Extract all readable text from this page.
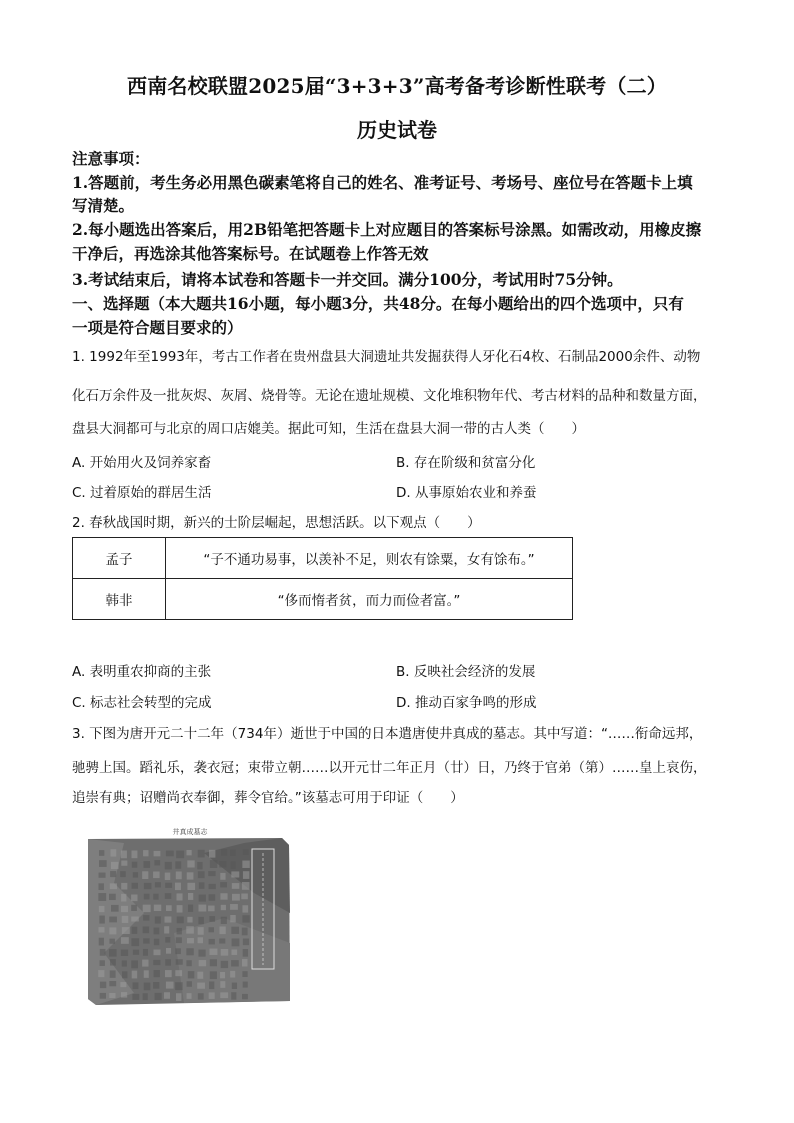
西南名校联盟2025届“3+3+3”高考备考诊断性联考（二）
历史试卷
注意事项：
1.答题前，考生务必用黑色碳素笔将自己的姓名、准考证号、考场号、座位号在答题卡上填
写清楚。
2.每小题选出答案后，用2B铅笔把答题卡上对应题目的答案标号涂黑。如需改动，用橡皮擦
干净后，再选涂其他答案标号。在试题卷上作答无效
3.考试结束后，请将本试卷和答题卡一并交回。满分100分，考试用时75分钟。
一、选择题（本大题共16小题，每小题3分，共48分。在每小题给出的四个选项中，只有
一项是符合题目要求的）
1. 1992年至1993年，考古工作者在贵州盘县大洞遗址共发掘获得人牙化石4枚、石制品2000余件、动物
化石万余件及一批灰烬、灰屑、烧骨等。无论在遗址规模、文化堆积物年代、考古材料的品种和数量方面，
盘县大洞都可与北京的周口店媲美。据此可知，生活在盘县大洞一带的古人类（　　）
A. 开始用火及饲养家畜	B. 存在阶级和贫富分化
C. 过着原始的群居生活	D. 从事原始农业和养蚕
2. 春秋战国时期，新兴的士阶层崛起，思想活跃。以下观点（　　）
孟子	“子不通功易事，以羡补不足，则农有馀粟，女有馀布。”
韩非	“侈而惰者贫，而力而俭者富。”
A. 表明重农抑商的主张	B. 反映社会经济的发展
C. 标志社会转型的完成	D. 推动百家争鸣的形成
3. 下图为唐开元二十二年（734年）逝世于中国的日本遣唐使井真成的墓志。其中写道：“……衔命远邦，
驰骋上国。蹈礼乐，袭衣冠；束带立朝……以开元廿二年正月（廿）日，乃终于官弟（第）……皇上哀伤，
追崇有典；诏赠尚衣奉御，葬令官给。”该墓志可用于印证（　　）
井真成墓志
